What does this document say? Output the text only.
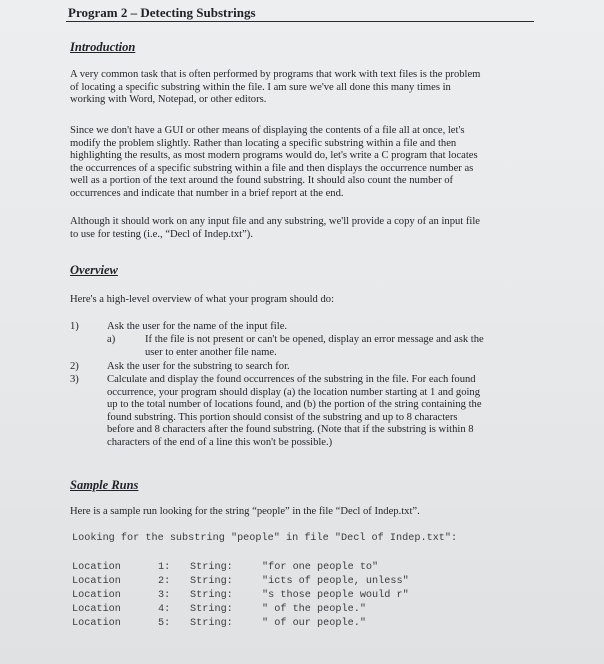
Program 2 – Detecting Substrings
Introduction
A very common task that is often performed by programs that work with text files is the problem
of locating a specific substring within the file. I am sure we've all done this many times in
working with Word, Notepad, or other editors.
Since we don't have a GUI or other means of displaying the contents of a file all at once, let's
modify the problem slightly. Rather than locating a specific substring within a file and then
highlighting the results, as most modern programs would do, let's write a C program that locates
the occurrences of a specific substring within a file and then displays the occurrence number as
well as a portion of the text around the found substring. It should also count the number of
occurrences and indicate that number in a brief report at the end.
Although it should work on any input file and any substring, we'll provide a copy of an input file
to use for testing (i.e., “Decl of Indep.txt”).
Overview
Here's a high-level overview of what your program should do:
1)	Ask the user for the name of the input file.
a)	If the file is not present or can't be opened, display an error message and ask the
user to enter another file name.
2)	Ask the user for the substring to search for.
3)	Calculate and display the found occurrences of the substring in the file. For each found
occurrence, your program should display (a) the location number starting at 1 and going
up to the total number of locations found, and (b) the portion of the string containing the
found substring. This portion should consist of the substring and up to 8 characters
before and 8 characters after the found substring. (Note that if the substring is within 8
characters of the end of a line this won't be possible.)
Sample Runs
Here is a sample run looking for the string “people” in the file “Decl of Indep.txt”.
Looking for the substring "people" in file "Decl of Indep.txt":
Location	1: String:	"for one people to"
Location	2: String:	"icts of people, unless"
Location	3: String:	"s those people would r"
Location	4: String:	" of the people."
Location	5: String:	" of our people."
